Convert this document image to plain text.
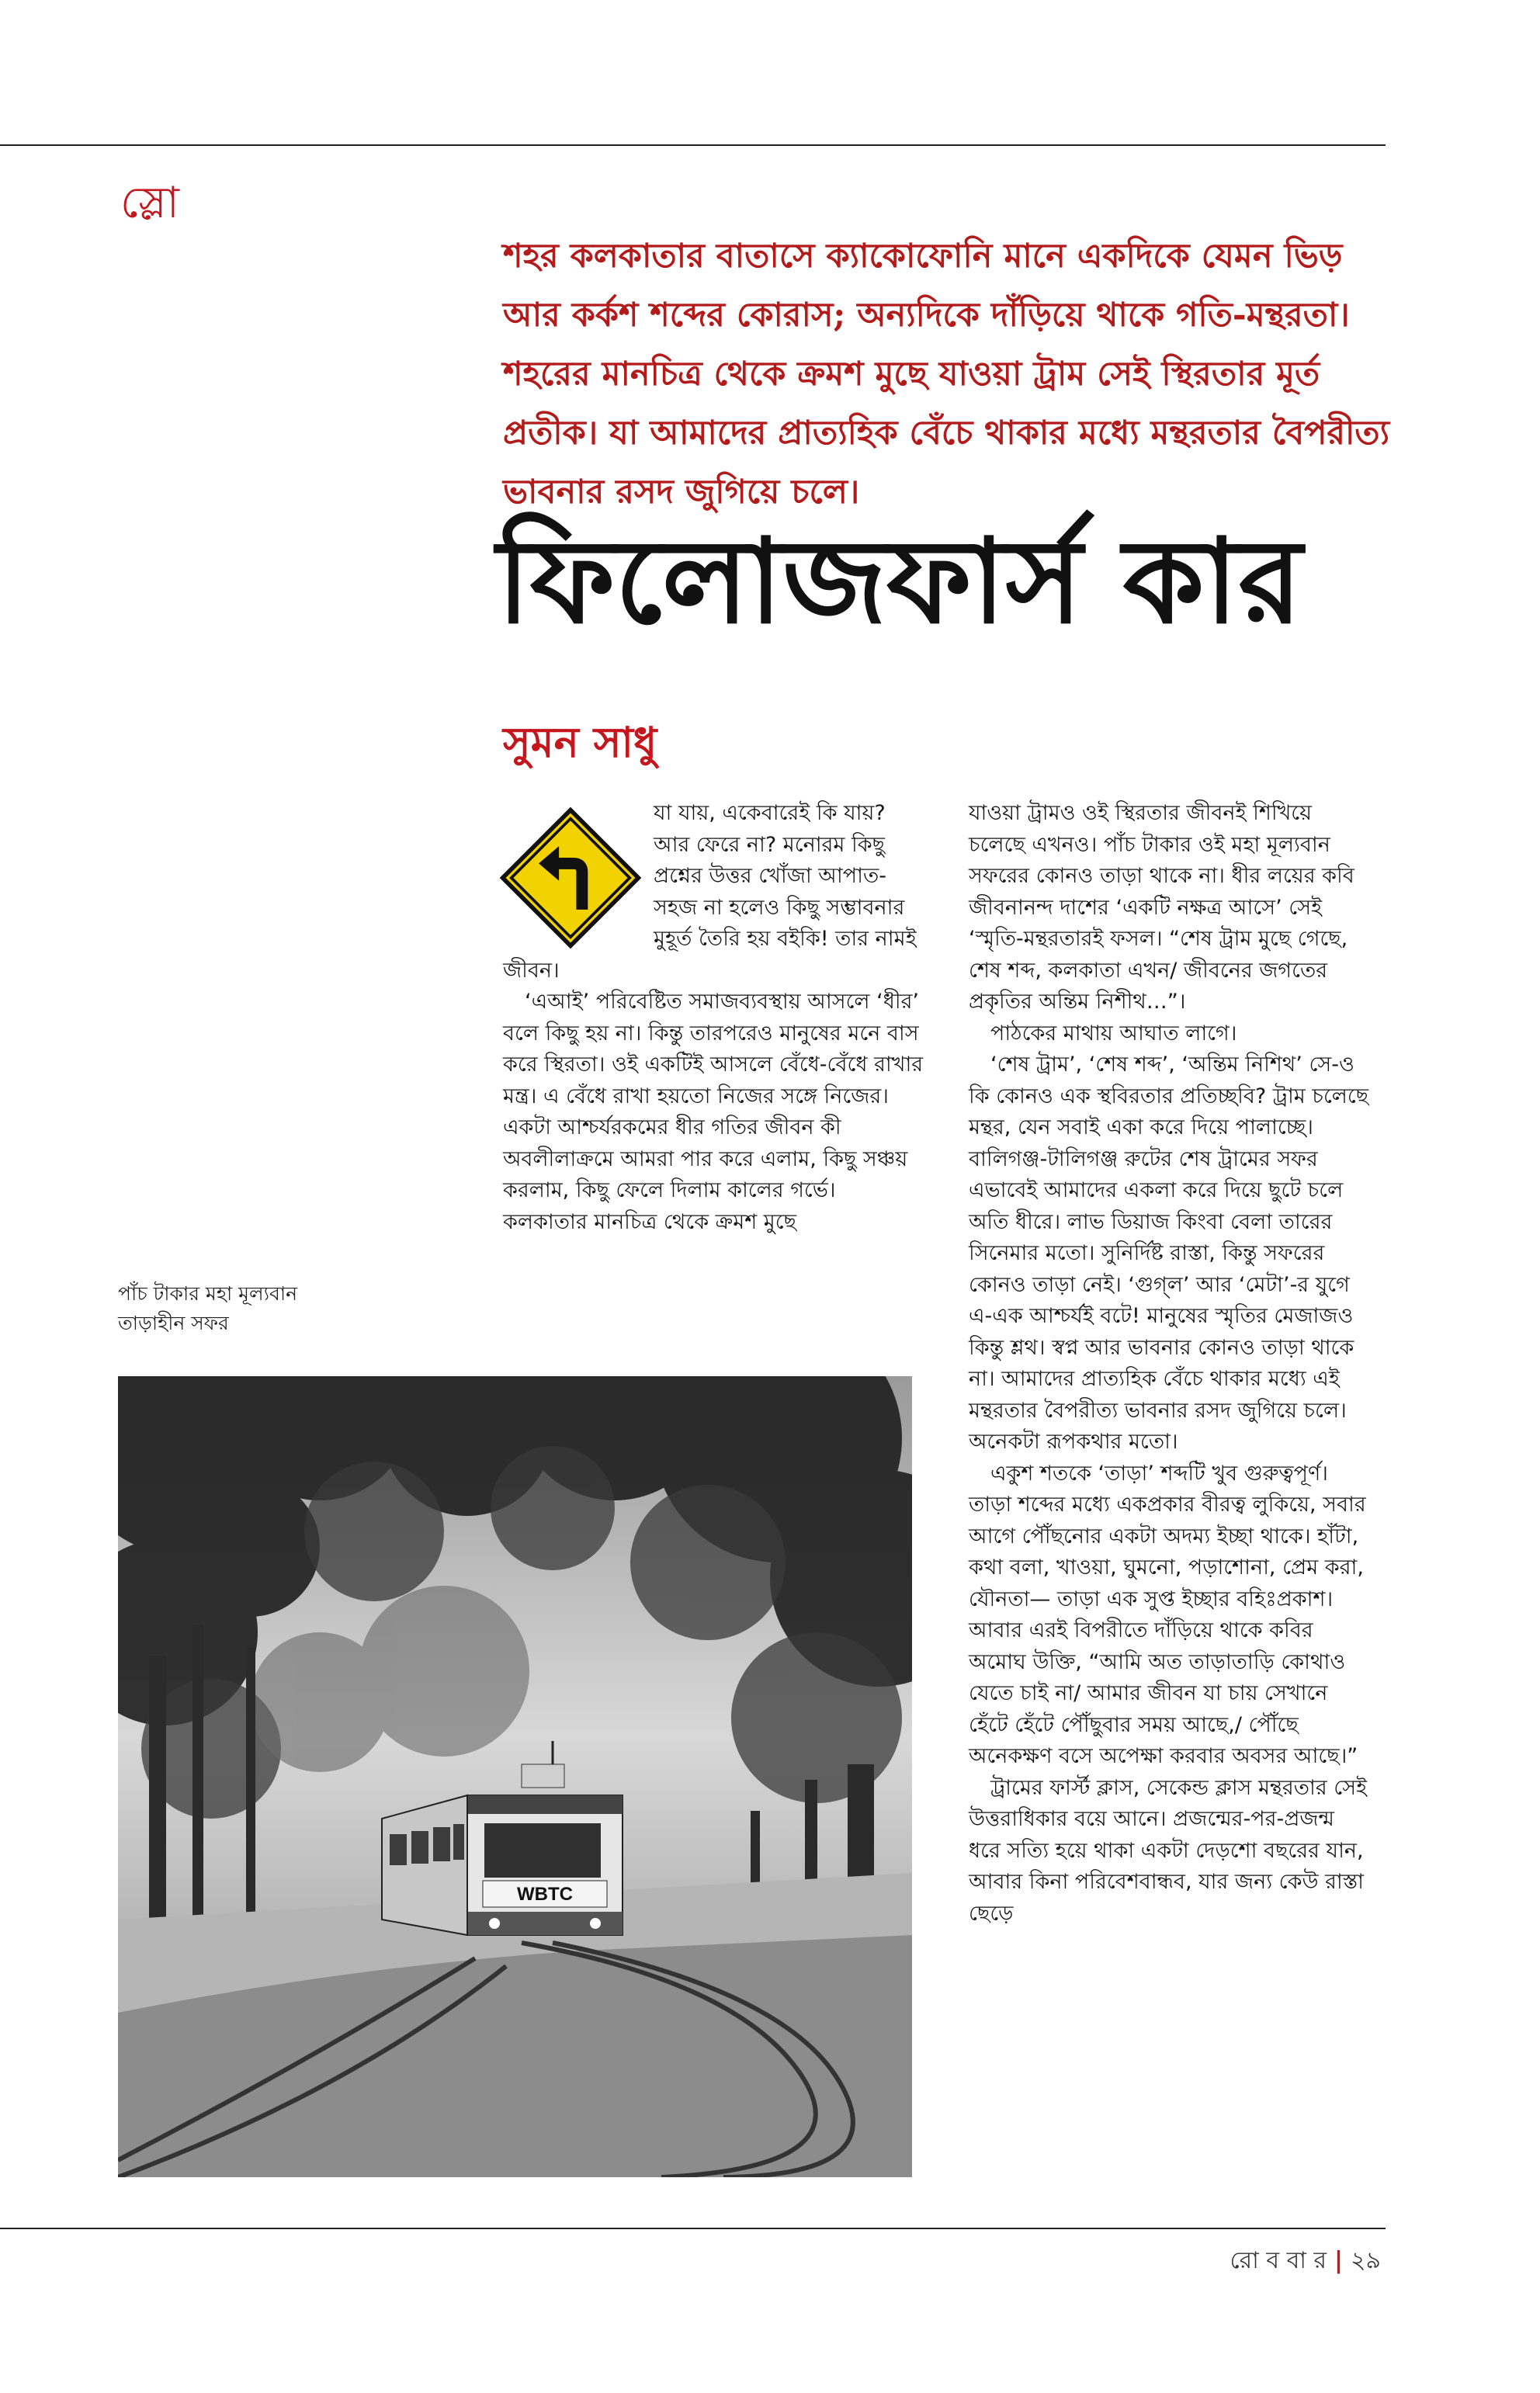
স্লো
শহর কলকাতার বাতাসে ক্যাকোফোনি মানে একদিকে যেমন ভিড় আর কর্কশ শব্দের কোরাস; অন্যদিকে দাঁড়িয়ে থাকে গতি-মন্থরতা। শহরের মানচিত্র থেকে ক্রমশ মুছে যাওয়া ট্রাম সেই স্থিরতার মূর্ত প্রতীক। যা আমাদের প্রাত্যহিক বেঁচে থাকার মধ্যে মন্থরতার বৈপরীত্য ভাবনার রসদ জুগিয়ে চলে।
ফিলোজফার্স কার
সুমন সাধু

যা যায়, একেবারেই কি যায়? আর ফেরে না? মনোরম কিছু প্রশ্নের উত্তর খোঁজা আপাত-সহজ না হলেও কিছু সম্ভাবনার মুহূর্ত তৈরি হয় বইকি! তার নামই জীবন।

‘এআই’ পরিবেষ্টিত সমাজব্যবস্থায় আসলে ‘ধীর’ বলে কিছু হয় না। কিন্তু তারপরেও মানুষের মনে বাস করে স্থিরতা। ওই একটিই আসলে বেঁধে-বেঁধে রাখার মন্ত্র। এ বেঁধে রাখা হয়তো নিজের সঙ্গে নিজের। একটা আশ্চর্যরকমের ধীর গতির জীবন কী অবলীলাক্রমে আমরা পার করে এলাম, কিছু সঞ্চয় করলাম, কিছু ফেলে দিলাম কালের গর্ভে। কলকাতার মানচিত্র থেকে ক্রমশ মুছে

যাওয়া ট্রামও ওই স্থিরতার জীবনই শিখিয়ে চলেছে এখনও। পাঁচ টাকার ওই মহা মূল্যবান সফরের কোনও তাড়া থাকে না। ধীর লয়ের কবি জীবনানন্দ দাশের ‘একটি নক্ষত্র আসে’ সেই ‘স্মৃতি-মন্থরতারই ফসল। “শেষ ট্রাম মুছে গেছে, শেষ শব্দ, কলকাতা এখন/ জীবনের জগতের প্রকৃতির অন্তিম নিশীথ…”।

পাঠকের মাথায় আঘাত লাগে।

‘শেষ ট্রাম’, ‘শেষ শব্দ’, ‘অন্তিম নিশিথ’ সে-ও কি কোনও এক স্থবিরতার প্রতিচ্ছবি? ট্রাম চলেছে মন্থর, যেন সবাই একা করে দিয়ে পালাচ্ছে। বালিগঞ্জ-টালিগঞ্জ রুটের শেষ ট্রামের সফর এভাবেই আমাদের একলা করে দিয়ে ছুটে চলে অতি ধীরে। লাভ ডিয়াজ কিংবা বেলা তারের সিনেমার মতো। সুনির্দিষ্ট রাস্তা, কিন্তু সফরের কোনও তাড়া নেই। ‘গুগ্‌ল’ আর ‘মেটা’-র যুগে এ-এক আশ্চর্যই বটে! মানুষের স্মৃতির মেজাজও কিন্তু শ্লথ। স্বপ্ন আর ভাবনার কোনও তাড়া থাকে না। আমাদের প্রাত্যহিক বেঁচে থাকার মধ্যে এই মন্থরতার বৈপরীত্য ভাবনার রসদ জুগিয়ে চলে। অনেকটা রূপকথার মতো।

একুশ শতকে ‘তাড়া’ শব্দটি খুব গুরুত্বপূর্ণ। তাড়া শব্দের মধ্যে একপ্রকার বীরত্ব লুকিয়ে, সবার আগে পৌঁছনোর একটা অদম্য ইচ্ছা থাকে। হাঁটা, কথা বলা, খাওয়া, ঘুমনো, পড়াশোনা, প্রেম করা, যৌনতা— তাড়া এক সুপ্ত ইচ্ছার বহিঃপ্রকাশ। আবার এরই বিপরীতে দাঁড়িয়ে থাকে কবির অমোঘ উক্তি, “আমি অত তাড়াতাড়ি কোথাও যেতে চাই না/ আমার জীবন যা চায় সেখানে হেঁটে হেঁটে পৌঁছুবার সময় আছে,/ পৌঁছে অনেকক্ষণ বসে অপেক্ষা করবার অবসর আছে।”

ট্রামের ফার্স্ট ক্লাস, সেকেন্ড ক্লাস মন্থরতার সেই উত্তরাধিকার বয়ে আনে। প্রজন্মের-পর-প্রজন্ম ধরে সত্যি হয়ে থাকা একটা দেড়শো বছরের যান, আবার কিনা পরিবেশবান্ধব, যার জন্য কেউ রাস্তা ছেড়ে

পাঁচ টাকার মহা মূল্যবান তাড়াহীন সফর
WBTC
রো ব বা র | ২৯
